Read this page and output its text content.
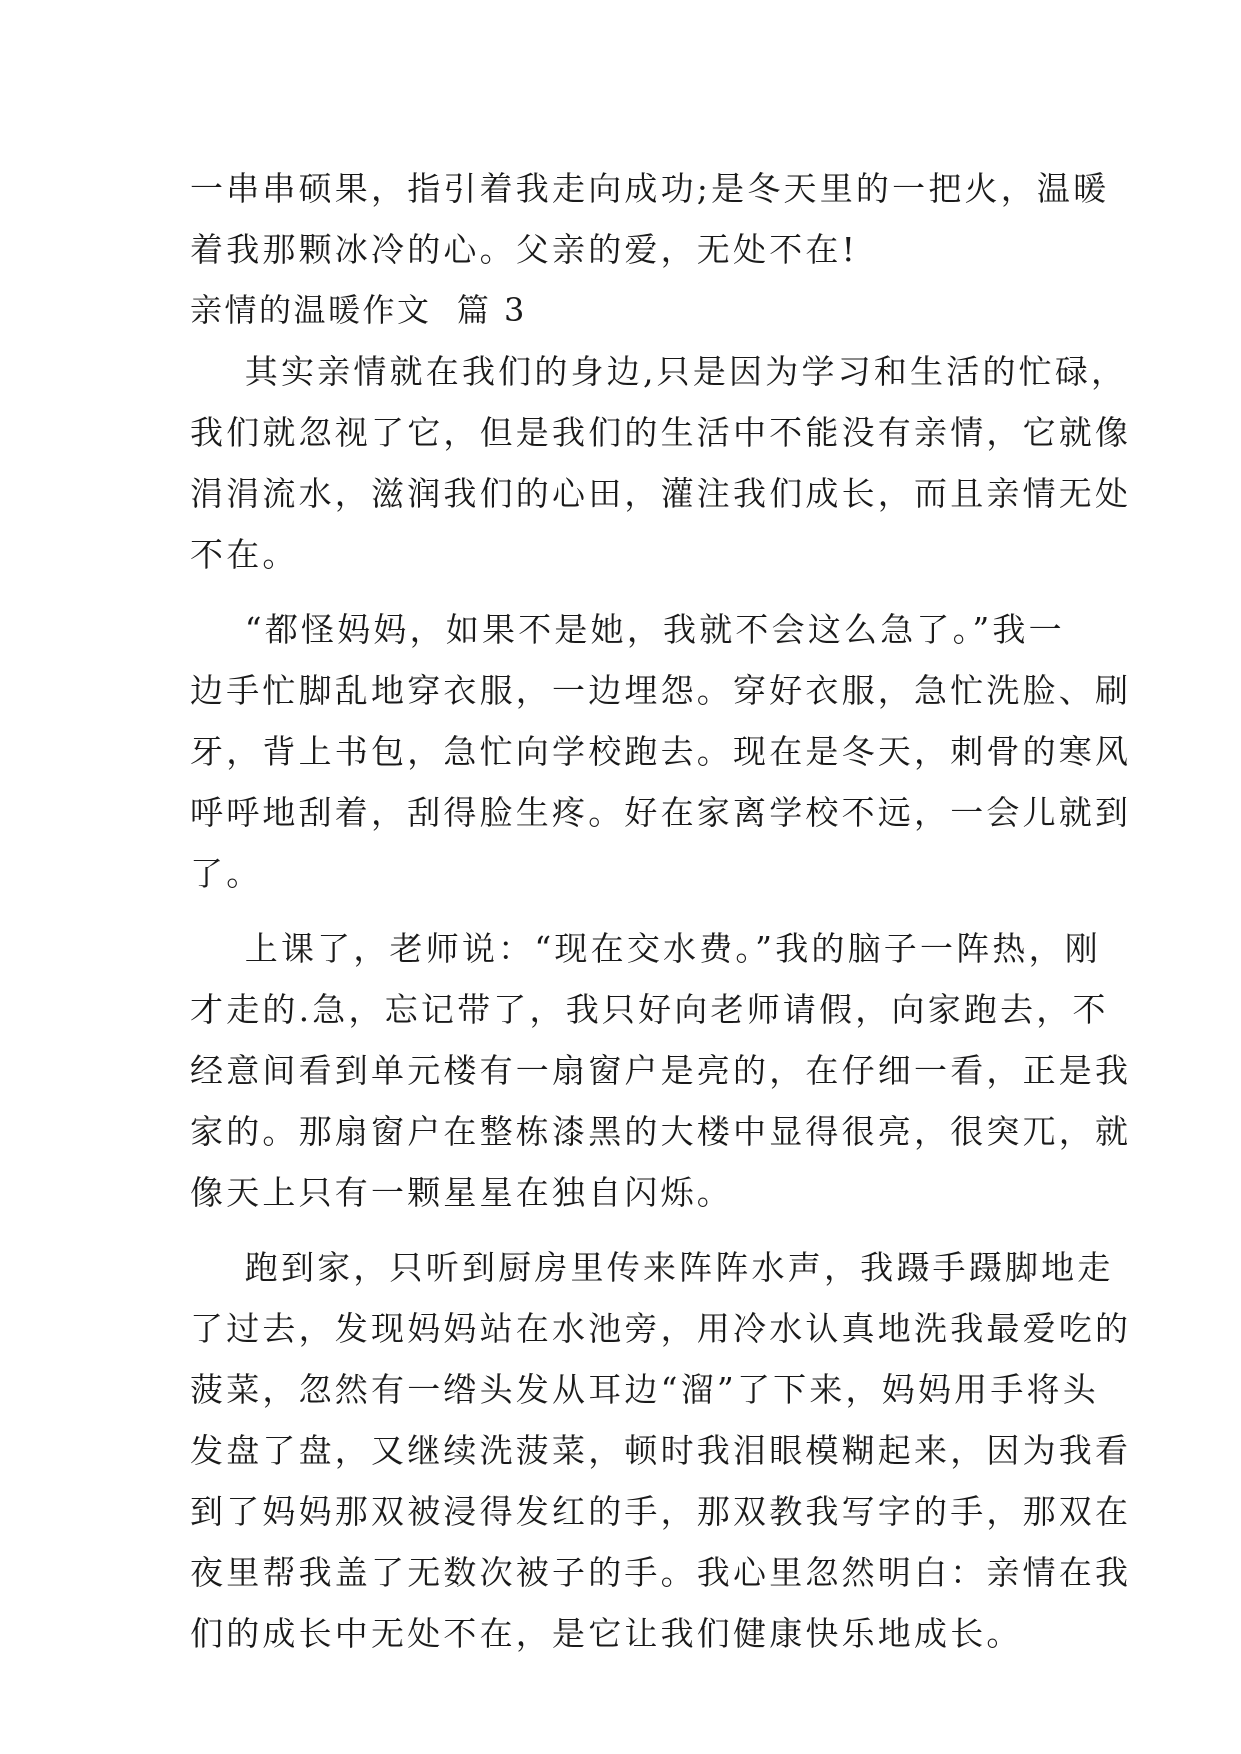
一串串硕果，指引着我走向成功;是冬天里的一把火，温暖
着我那颗冰冷的心。父亲的爱，无处不在!
亲情的温暖作文  篇 3
其实亲情就在我们的身边,只是因为学习和生活的忙碌，
我们就忽视了它，但是我们的生活中不能没有亲情，它就像
涓涓流水，滋润我们的心田，灌注我们成长，而且亲情无处
不在。
“都怪妈妈，如果不是她，我就不会这么急了。”我一
边手忙脚乱地穿衣服，一边埋怨。穿好衣服，急忙洗脸、刷
牙，背上书包，急忙向学校跑去。现在是冬天，刺骨的寒风
呼呼地刮着，刮得脸生疼。好在家离学校不远，一会儿就到
了。
上课了，老师说：“现在交水费。”我的脑子一阵热，刚
才走的.急，忘记带了，我只好向老师请假，向家跑去，不
经意间看到单元楼有一扇窗户是亮的，在仔细一看，正是我
家的。那扇窗户在整栋漆黑的大楼中显得很亮，很突兀，就
像天上只有一颗星星在独自闪烁。
跑到家，只听到厨房里传来阵阵水声，我蹑手蹑脚地走
了过去，发现妈妈站在水池旁，用冷水认真地洗我最爱吃的
菠菜，忽然有一绺头发从耳边“溜”了下来，妈妈用手将头
发盘了盘，又继续洗菠菜，顿时我泪眼模糊起来，因为我看
到了妈妈那双被浸得发红的手，那双教我写字的手，那双在
夜里帮我盖了无数次被子的手。我心里忽然明白：亲情在我
们的成长中无处不在，是它让我们健康快乐地成长。
